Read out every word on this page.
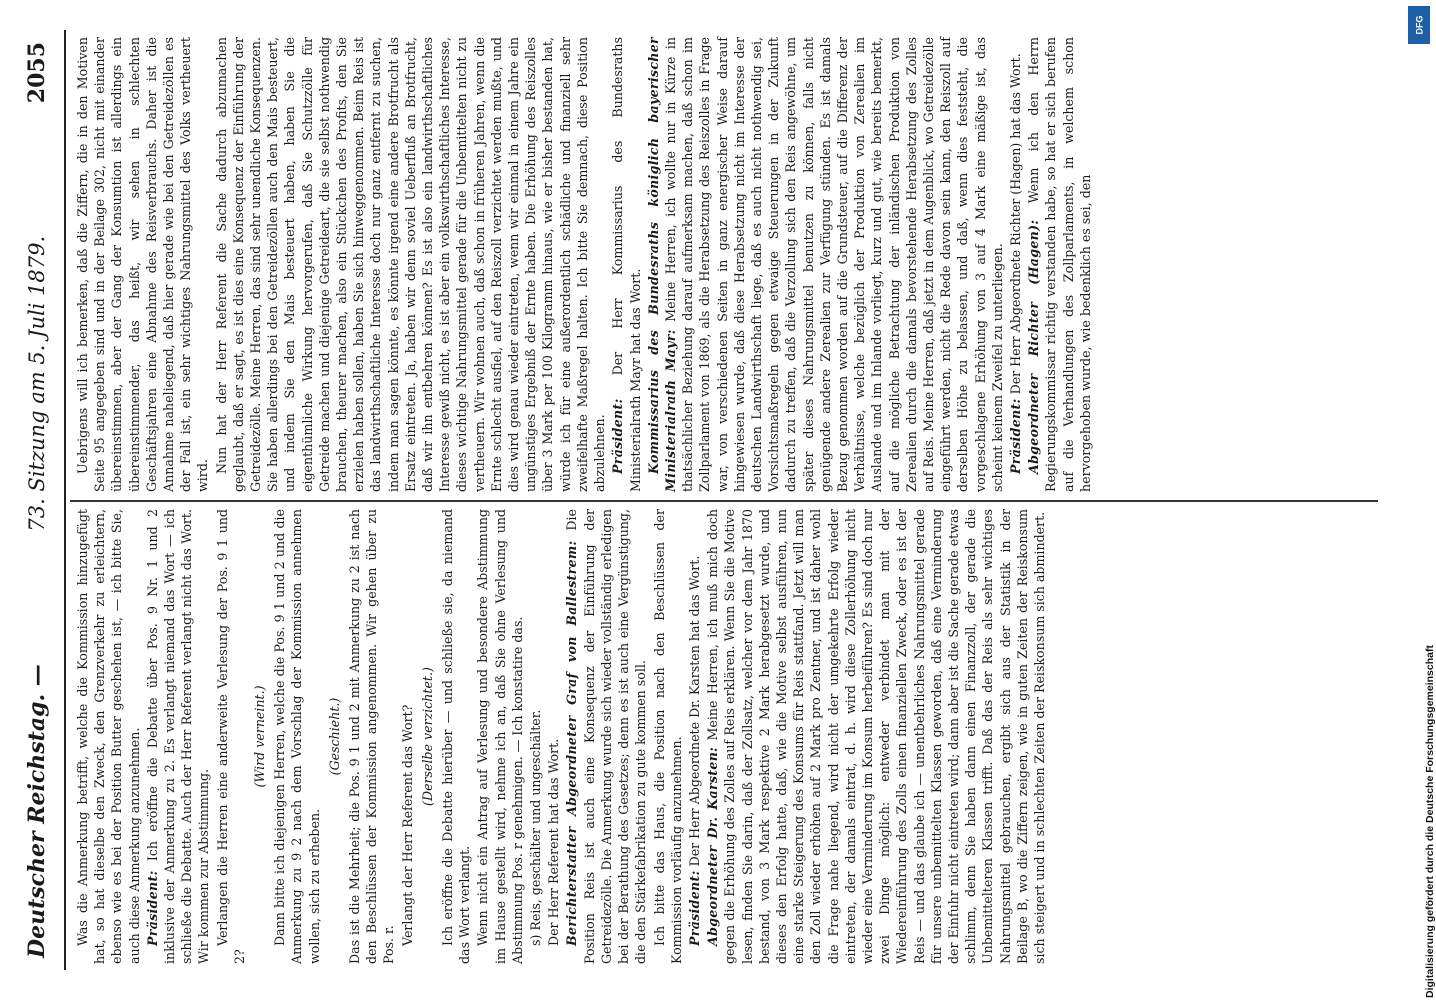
Deutscher Reichstag. —
73. Sitzung am 5. Juli 1879.
2055

Was die Anmerkung betrifft, welche die Kommission hinzugefügt hat, so hat dieselbe den Zweck, den Grenzverkehr zu erleichtern, ebenso wie es bei der Position Butter geschehen ist, — ich bitte Sie, auch diese Anmerkung anzunehmen. Präsident: Ich eröffne die Debatte über Pos. 9 Nr. 1 und 2 inklusive der Anmerkung zu 2. Es verlangt niemand das Wort — ich schließe die Debatte. Auch der Herr Referent verlangt nicht das Wort. Wir kommen zur Abstimmung. Verlangen die Herren eine anderweite Verlesung der Pos. 9 1 und 2?

(Wird verneint.) Dann bitte ich diejenigen Herren, welche die Pos. 9 1 und 2 und die Anmerkung zu 9 2 nach dem Vorschlag der Kommission annehmen wollen, sich zu erheben.

(Geschieht.) Das ist die Mehrheit; die Pos. 9 1 und 2 mit Anmerkung zu 2 ist nach den Beschlüssen der Kommission angenommen. Wir gehen über zu Pos. r. Verlangt der Herr Referent das Wort? (Derselbe verzichtet.) Ich eröffne die Debatte hierüber — und schließe sie, da niemand das Wort verlangt. Wenn nicht ein Antrag auf Verlesung und besondere Abstimmung im Hause gestellt wird, nehme ich an, daß Sie ohne Verlesung und Abstimmung Pos. r genehmigen. — Ich konstatire das. s) Reis, geschälter und ungeschälter. Der Herr Referent hat das Wort. Berichterstatter Abgeordneter Graf von Ballestrem: Die Position Reis ist auch eine Konsequenz der Einführung der Getreidezölle. Die Anmerkung wurde sich wieder vollständig erledigen bei der Berathung des Gesetzes; denn es ist auch eine Vergünstigung, die den Stärkefabrikation zu gute kommen soll. Ich bitte das Haus, die Position nach den Beschlüssen der Kommission vorläufig anzunehmen. Präsident: Der Herr Abgeordnete Dr. Karsten hat das Wort. Abgeordneter Dr. Karsten: Meine Herren, ich muß mich doch gegen die Erhöhung des Zolles auf Reis erklären. Wenn Sie die Motive lesen, finden Sie darin, daß der Zollsatz, welcher vor dem Jahr 1870 bestand, von 3 Mark respektive 2 Mark herabgesetzt wurde, und dieses den Erfolg hatte, daß, wie die Motive selbst ausführen, nun eine starke Steigerung des Konsums für Reis stattfand. Jetzt will man den Zoll wieder erhöhen auf 2 Mark pro Zentner, und ist daher wohl die Frage nahe liegend, wird nicht der umgekehrte Erfolg wieder eintreten, der damals eintrat, d. h. wird diese Zollerhöhung nicht wieder eine Verminderung im Konsum herbeiführen? Es sind doch nur zwei Dinge möglich: entweder verbindet man mit der Wiedereinführung des Zolls einen finanziellen Zweck, oder es ist der Reis — und das glaube ich — unentbehrliches Nahrungsmittel gerade für unsere unbemittelten Klassen geworden, daß eine Verminderung der Einfuhr nicht eintreten wird; dann aber ist die Sache gerade etwas schlimm, denn Sie haben dann einen Finanzzoll, der gerade die Unbemittelteren Klassen trifft. Daß das der Reis als sehr wichtiges Nahrungsmittel gebrauchen, ergibt sich aus der Statistik in der Beilage B, wo die Ziffern zeigen, wie in guten Zeiten der Reiskonsum sich steigert und in schlechten Zeiten der Reiskonsum sich abmindert.

Uebrigens will ich bemerken, daß die Ziffern, die in den Motiven Seite 95 angegeben sind und in der Beilage 302, nicht mit einander übereinstimmen, aber der Gang der Konsumtion ist allerdings ein übereinstimmender, das heißt, wir sehen in schlechten Geschäftsjahren eine Abnahme des Reisverbrauchs. Daher ist die Annahme naheliegend, daß hier gerade wie bei den Getreidezöllen es der Fall ist, ein sehr wichtiges Nahrungsmittel des Volks vertheuert wird.

Nun hat der Herr Referent die Sache dadurch abzumachen geglaubt, daß er sagt, es ist dies eine Konsequenz der Einführung der Getreidezölle. Meine Herren, das sind sehr unendliche Konsequenzen. Sie haben allerdings bei den Getreidezöllen auch den Mais besteuert, und indem Sie den Mais besteuert haben, haben Sie die eigenthümliche Wirkung hervorgerufen, daß Sie Schutzzölle für Getreide machen und diejenige Getreideart, die sie selbst nothwendig brauchen, theurer machen, also ein Stückchen des Profits, den Sie erzielen haben sollen, haben Sie sich hinweggenommen. Beim Reis ist das landwirthschaftliche Interesse doch nur ganz entfernt zu suchen, indem man sagen könnte, es könnte irgend eine andere Brotfrucht als Ersatz eintreten. Ja, haben wir denn soviel Ueberfluß an Brotfrucht, daß wir ihn entbehren können? Es ist also ein landwirthschaftliches Interesse gewiß nicht, es ist aber ein volkswirthschaftliches Interesse, dieses wichtige Nahrungsmittel gerade für die Unbemittelten nicht zu vertheuern. Wir wohnen auch, daß schon in früheren Jahren, wenn die Ernte schlecht ausfiel, auf den Reiszoll verzichtet werden mußte, und dies wird genau wieder eintreten, wenn wir einmal in einem Jahre ein ungünstiges Ergebniß der Ernte haben. Die Erhöhung des Reiszolles über 3 Mark per 100 Kilogramm hinaus, wie er bisher bestanden hat, würde ich für eine außerordentlich schädliche und finanziell sehr zweifelhafte Maßregel halten. Ich bitte Sie demnach, diese Position abzulehnen. Präsident: Der Herr Kommissarius des Bundesraths Ministerialrath Mayr hat das Wort. Kommissarius des Bundesraths königlich bayerischer Ministerialrath Mayr: Meine Herren, ich wollte nur in Kürze in thatsächlicher Beziehung darauf aufmerksam machen, daß schon im Zollparlament von 1869, als die Herabsetzung des Reiszolles in Frage war, von verschiedenen Seiten in ganz energischer Weise darauf hingewiesen wurde, daß diese Herabsetzung nicht im Interesse der deutschen Landwirthschaft liege, daß es auch nicht nothwendig sei, Vorsichtsmaßregeln gegen etwaige Steuerungen in der Zukunft dadurch zu treffen, daß die Verzollung sich den Reis angewöhne, um später dieses Nahrungsmittel benutzen zu können, falls nicht genügende andere Zerealien zur Verfügung stünden. Es ist damals Bezug genommen worden auf die Grundsteuer, auf die Differenz der Verhältnisse, welche bezüglich der Produktion von Zerealien im Auslande und im Inlande vorliegt, kurz und gut, wie bereits bemerkt, auf die mögliche Betrachtung der inländischen Produktion von Zerealien durch die damals bevorstehende Herabsetzung des Zolles auf Reis. Meine Herren, daß jetzt in dem Augenblick, wo Getreidezölle eingeführt werden, nicht die Rede davon sein kann, den Reiszoll auf derselben Höhe zu belassen, und daß, wenn dies feststeht, die vorgeschlagene Erhöhung von 3 auf 4 Mark eine mäßige ist, das scheint keinem Zweifel zu unterliegen. Präsident: Der Herr Abgeordnete Richter (Hagen) hat das Wort. Abgeordneter Richter (Hagen): Wenn ich den Herrn Regierungskommissar richtig verstanden habe, so hat er sich berufen auf die Verhandlungen des Zollparlaments, in welchem schon hervorgehoben wurde, wie bedenklich es sei, den

DFG
Digitalisierung gefördert durch die Deutsche Forschungsgemeinschaft
